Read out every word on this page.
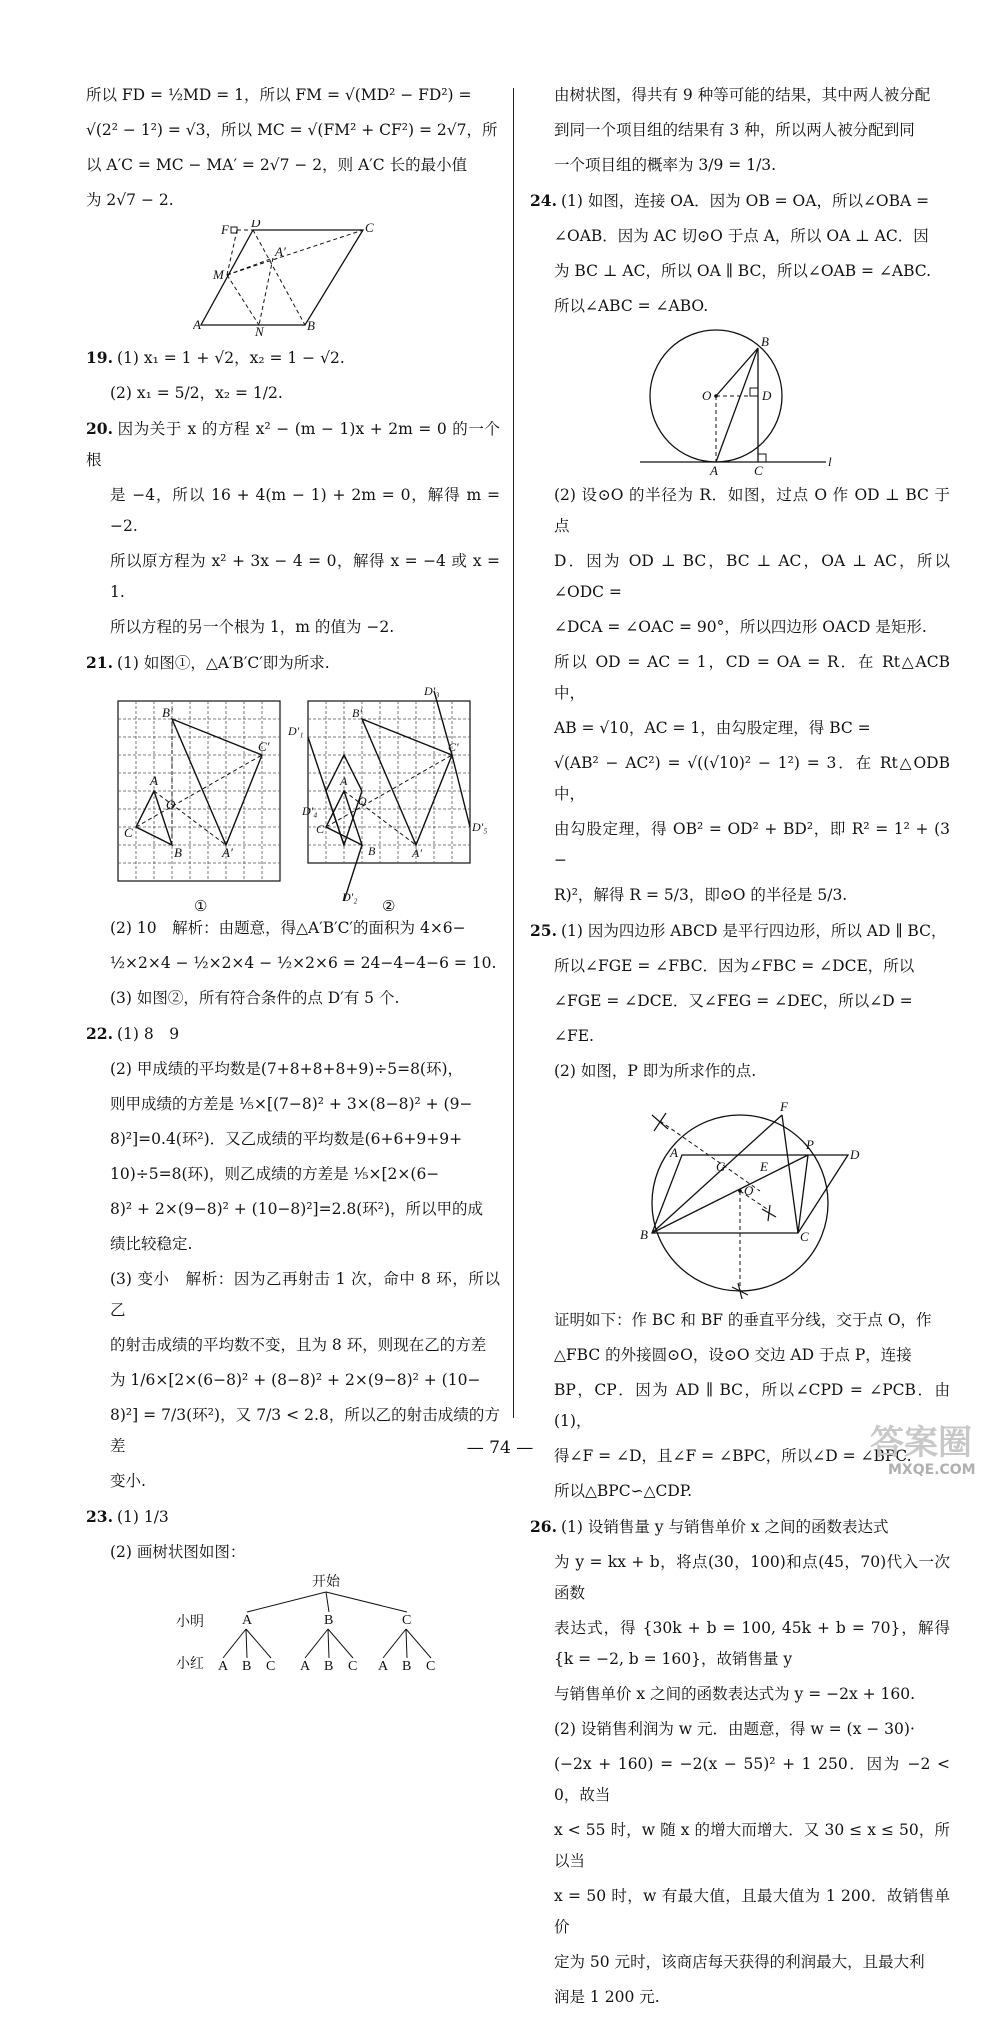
所以 FD = ½MD = 1，所以 FM = √(MD² − FD²) =

√(2² − 1²) = √3，所以 MC = √(FM² + CF²) = 2√7，所

以 A′C = MC − MA′ = 2√7 − 2，则 A′C 长的最小值

为 2√7 − 2.

F D	C
A′
M
A	N	B

19. (1) x₁ = 1 + √2，x₂ = 1 − √2.

(2) x₁ = 5/2，x₂ = 1/2.

20. 因为关于 x 的方程 x² − (m − 1)x + 2m = 0 的一个根

是 −4，所以 16 + 4(m − 1) + 2m = 0，解得 m = −2.

所以原方程为 x² + 3x − 4 = 0，解得 x = −4 或 x = 1.

所以方程的另一个根为 1，m 的值为 −2.

21. (1) 如图①，△A′B′C′即为所求.

B′
C′
A
O
C
B	A′
①
D′₃
D′₁
B′
C′
A
O
D′₄
D′₅
C
B	A′
D′₂ ②

(2) 10　解析：由题意，得△A′B′C′的面积为 4×6−

½×2×4 − ½×2×4 − ½×2×6 = 24−4−4−6 = 10.

(3) 如图②，所有符合条件的点 D′有 5 个.

22. (1) 8　9

(2) 甲成绩的平均数是(7+8+8+8+9)÷5=8(环)，

则甲成绩的方差是 ⅕×[(7−8)² + 3×(8−8)² + (9−

8)²]=0.4(环²)．又乙成绩的平均数是(6+6+9+9+

10)÷5=8(环)，则乙成绩的方差是 ⅕×[2×(6−

8)² + 2×(9−8)² + (10−8)²]=2.8(环²)，所以甲的成

绩比较稳定.

(3) 变小　解析：因为乙再射击 1 次，命中 8 环，所以乙

的射击成绩的平均数不变，且为 8 环，则现在乙的方差

为 1/6×[2×(6−8)² + (8−8)² + 2×(9−8)² + (10−

8)²] = 7/3(环²)，又 7/3 < 2.8，所以乙的射击成绩的方差

变小.

23. (1) 1/3

(2) 画树状图如图：

开始
小明
小红
A	B	C
A B C A B C A B C

由树状图，得共有 9 种等可能的结果，其中两人被分配

到同一个项目组的结果有 3 种，所以两人被分配到同

一个项目组的概率为 3/9 = 1/3.

24. (1) 如图，连接 OA．因为 OB = OA，所以∠OBA =

∠OAB．因为 AC 切⊙O 于点 A，所以 OA ⊥ AC．因

为 BC ⊥ AC，所以 OA ∥ BC，所以∠OAB = ∠ABC.

所以∠ABC = ∠ABO.

B
O	D
A	C
l

(2) 设⊙O 的半径为 R．如图，过点 O 作 OD ⊥ BC 于点

D．因为 OD ⊥ BC，BC ⊥ AC，OA ⊥ AC，所以∠ODC =

∠DCA = ∠OAC = 90°，所以四边形 OACD 是矩形.

所以 OD = AC = 1，CD = OA = R．在 Rt△ACB 中，

AB = √10，AC = 1，由勾股定理，得 BC =

√(AB² − AC²) = √((√10)² − 1²) = 3．在 Rt△ODB 中，

由勾股定理，得 OB² = OD² + BD²，即 R² = 1² + (3 −

R)²，解得 R = 5/3，即⊙O 的半径是 5/3.

25. (1) 因为四边形 ABCD 是平行四边形，所以 AD ∥ BC，

所以∠FGE = ∠FBC．因为∠FBC = ∠DCE，所以

∠FGE = ∠DCE．又∠FEG = ∠DEC，所以∠D =

∠FE.

(2) 如图，P 即为所求作的点.

F
A
G	E
P
D
O
B	C

证明如下：作 BC 和 BF 的垂直平分线，交于点 O，作

△FBC 的外接圆⊙O，设⊙O 交边 AD 于点 P，连接

BP，CP．因为 AD ∥ BC，所以∠CPD = ∠PCB．由(1)，

得∠F = ∠D，且∠F = ∠BPC，所以∠D = ∠BPC.

所以△BPC∽△CDP.

26. (1) 设销售量 y 与销售单价 x 之间的函数表达式

为 y = kx + b，将点(30，100)和点(45，70)代入一次函数

表达式，得 {30k + b = 100, 45k + b = 70}，解得 {k = −2, b = 160}，故销售量 y

与销售单价 x 之间的函数表达式为 y = −2x + 160.

(2) 设销售利润为 w 元．由题意，得 w = (x − 30)·

(−2x + 160) = −2(x − 55)² + 1 250．因为 −2 < 0，故当

x < 55 时，w 随 x 的增大而增大．又 30 ≤ x ≤ 50，所以当

x = 50 时，w 有最大值，且最大值为 1 200．故销售单价

定为 50 元时，该商店每天获得的利润最大，且最大利

润是 1 200 元.

— 74 —	答案圈
MXQE.COM
